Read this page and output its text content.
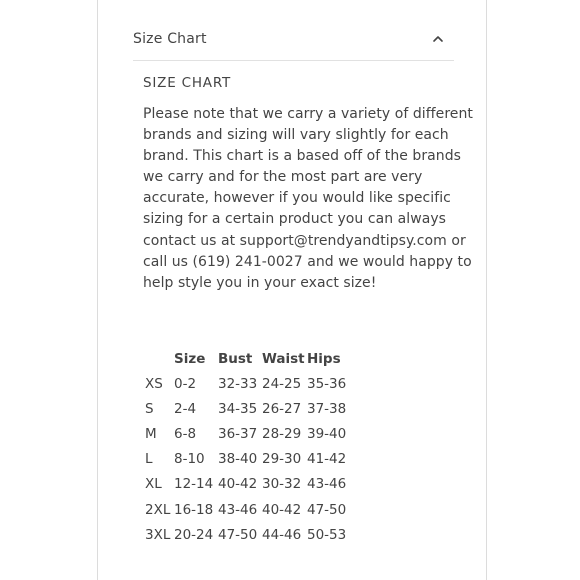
Size Chart

SIZE CHART

Please note that we carry a variety of different brands and sizing will vary slightly for each brand. This chart is a based off of the brands we carry and for the most part are very accurate, however if you would like specific sizing for a certain product you can always contact us at support@trendyandtipsy.com or call us (619) 241-0027 and we would happy to help style you in your exact size!

	Size	Bust	Waist	Hips
XS	0-2	32-33	24-25	35-36
S	2-4	34-35	26-27	37-38
M	6-8	36-37	28-29	39-40
L	8-10	38-40	29-30	41-42
XL	12-14	40-42	30-32	43-46
2XL	16-18	43-46	40-42	47-50
3XL	20-24	47-50	44-46	50-53
